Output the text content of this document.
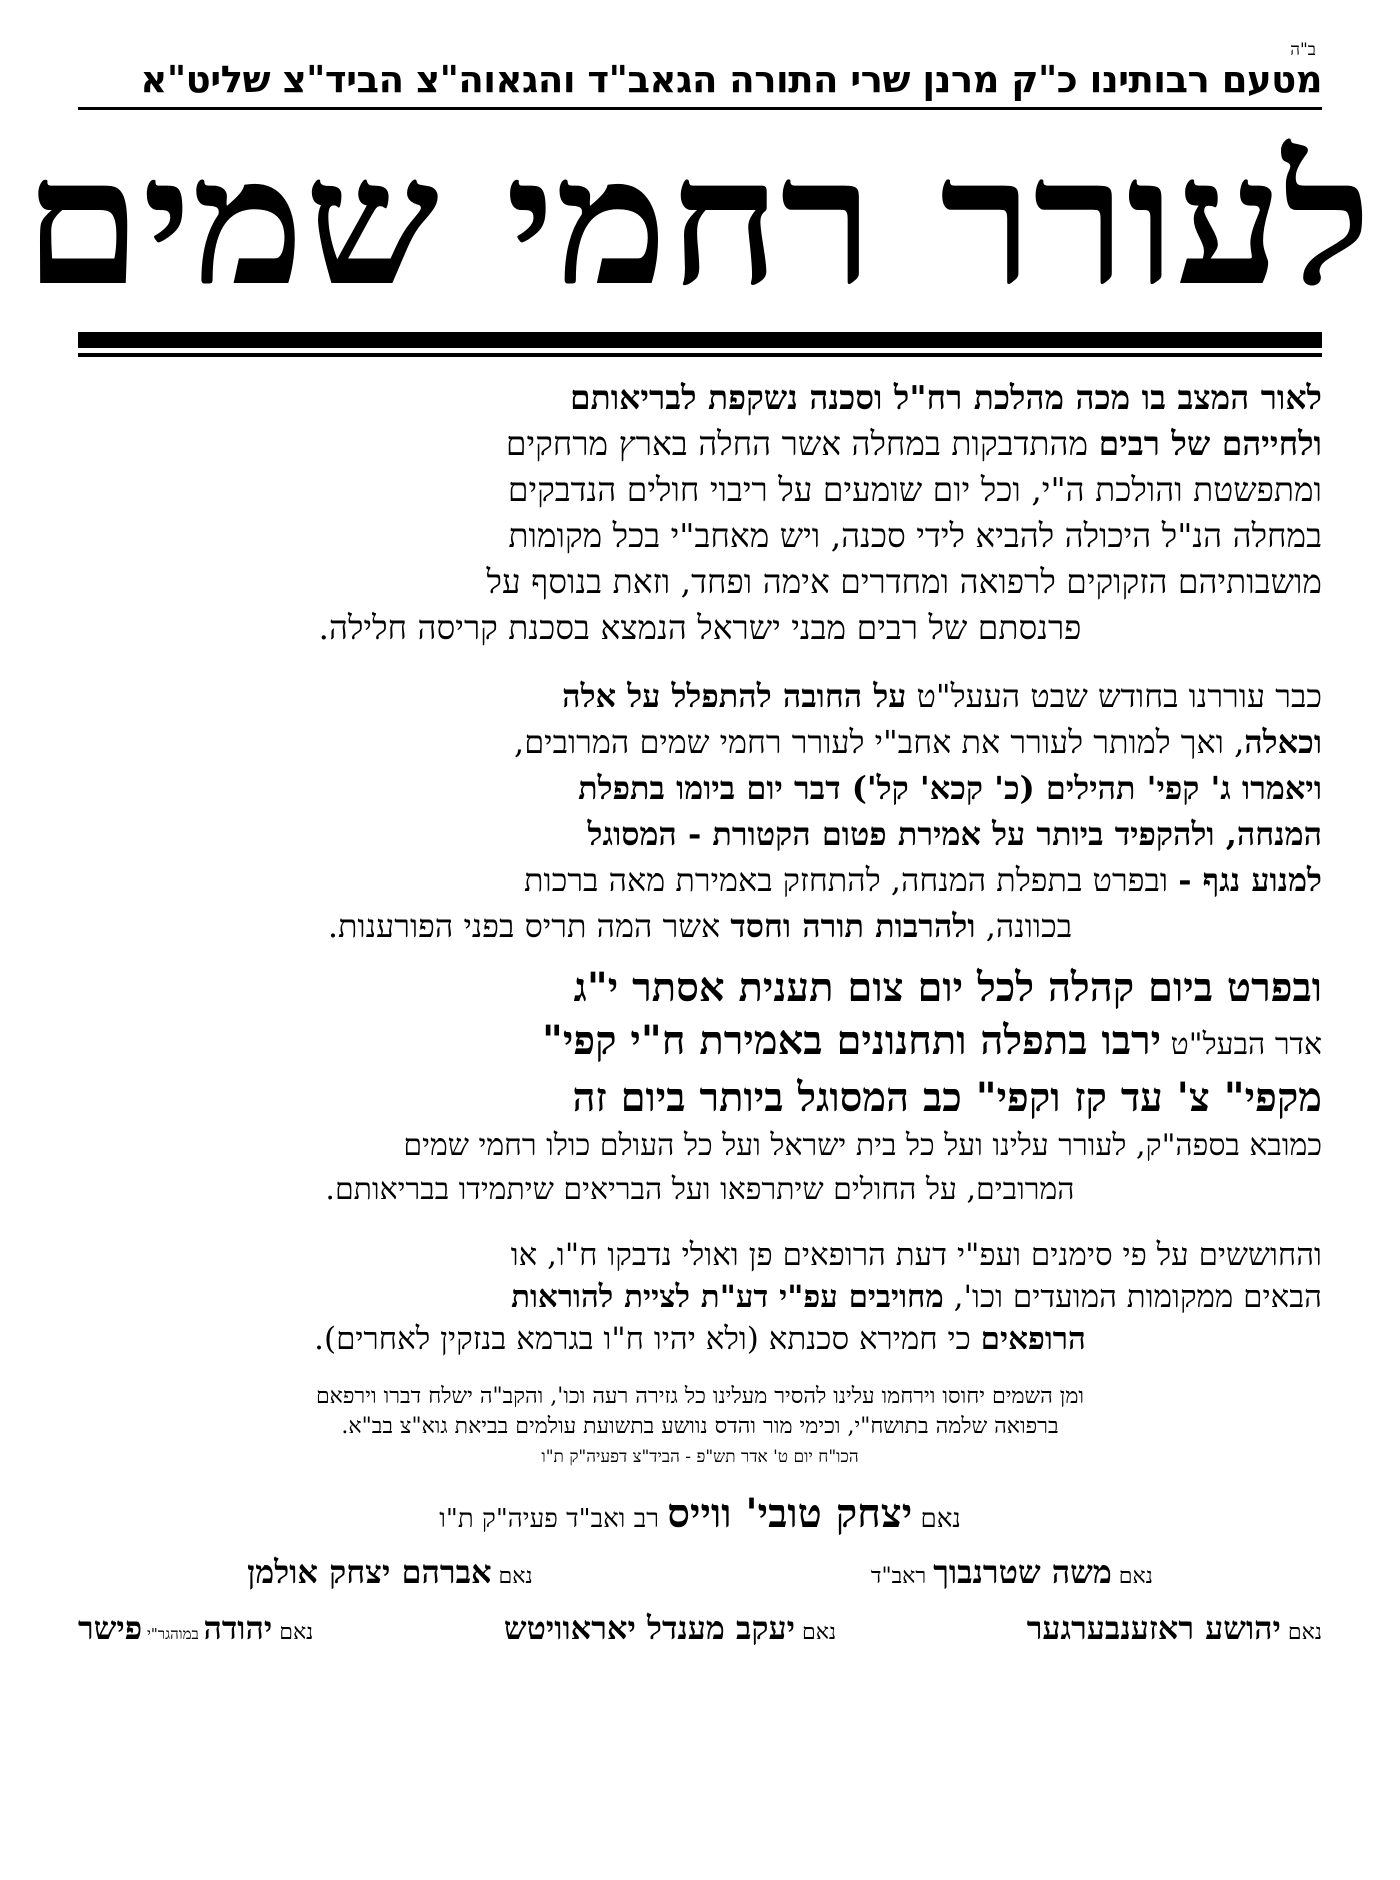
ב"ה
מטעם רבותינו כ"ק מרנן שרי התורה הגאב"ד והגאוה"צ הביד"צ שליט"א
לעורר רחמי שמים
לאור המצב בו מכה מהלכת רח"ל וסכנה נשקפת לבריאותם
ולחייהם של רבים מהתדבקות במחלה אשר החלה בארץ מרחקים
ומתפשטת והולכת ה"י, וכל יום שומעים על ריבוי חולים הנדבקים
במחלה הנ"ל היכולה להביא לידי סכנה, ויש מאחב"י בכל מקומות
מושבותיהם הזקוקים לרפואה ומחדרים אימה ופחד, וזאת בנוסף על
פרנסתם של רבים מבני ישראל הנמצא בסכנת קריסה חלילה.
כבר עוררנו בחודש שבט העעל"ט על החובה להתפלל על אלה
וכאלה, ואך למותר לעורר את אחב"י לעורר רחמי שמים המרובים,
ויאמרו ג' קפי' תהילים (כ' קכא' קל') דבר יום ביומו בתפלת
המנחה, ולהקפיד ביותר על אמירת פטום הקטורת - המסוגל
למנוע נגף - ובפרט בתפלת המנחה, להתחזק באמירת מאה ברכות
בכוונה, ולהרבות תורה וחסד אשר המה תריס בפני הפורענות.
ובפרט ביום קהלה לכל יום צום תענית אסתר י"ג
אדר הבעל"ט ירבו בתפלה ותחנונים באמירת ח"י קפי"
מקפי" צ' עד קז וקפי" כב המסוגל ביותר ביום זה
כמובא בספה"ק, לעורר עלינו ועל כל בית ישראל ועל כל העולם כולו רחמי שמים
המרובים, על החולים שיתרפאו ועל הבריאים שיתמידו בבריאותם.
והחוששים על פי סימנים ועפ"י דעת הרופאים פן ואולי נדבקו ח"ו, או
הבאים ממקומות המועדים וכו', מחויבים עפ"י דע"ת לציית להוראות
הרופאים כי חמירא סכנתא (ולא יהיו ח"ו בגרמא בנזקין לאחרים).
ומן השמים יחוסו וירחמו עלינו להסיר מעלינו כל גזירה רעה וכו', והקב"ה ישלח דברו וירפאם
ברפואה שלמה בתושח"י, וכימי מור והדס נוושע בתשועת עולמים בביאת גוא"צ בב"א.
הכו"ח יום ט' אדר תש"פ - הביד"צ דפעיה"ק ת"ו
נאם יצחק טובי' ווייס רב ואב"ד פעיה"ק ת"ו
נאם משה שטרנבוך ראב"ד
נאם אברהם יצחק אולמן
נאם יהושע ראזענבערגער
נאם יעקב מענדל יאראוויטש
נאם יהודה במוהגר"י פישר
